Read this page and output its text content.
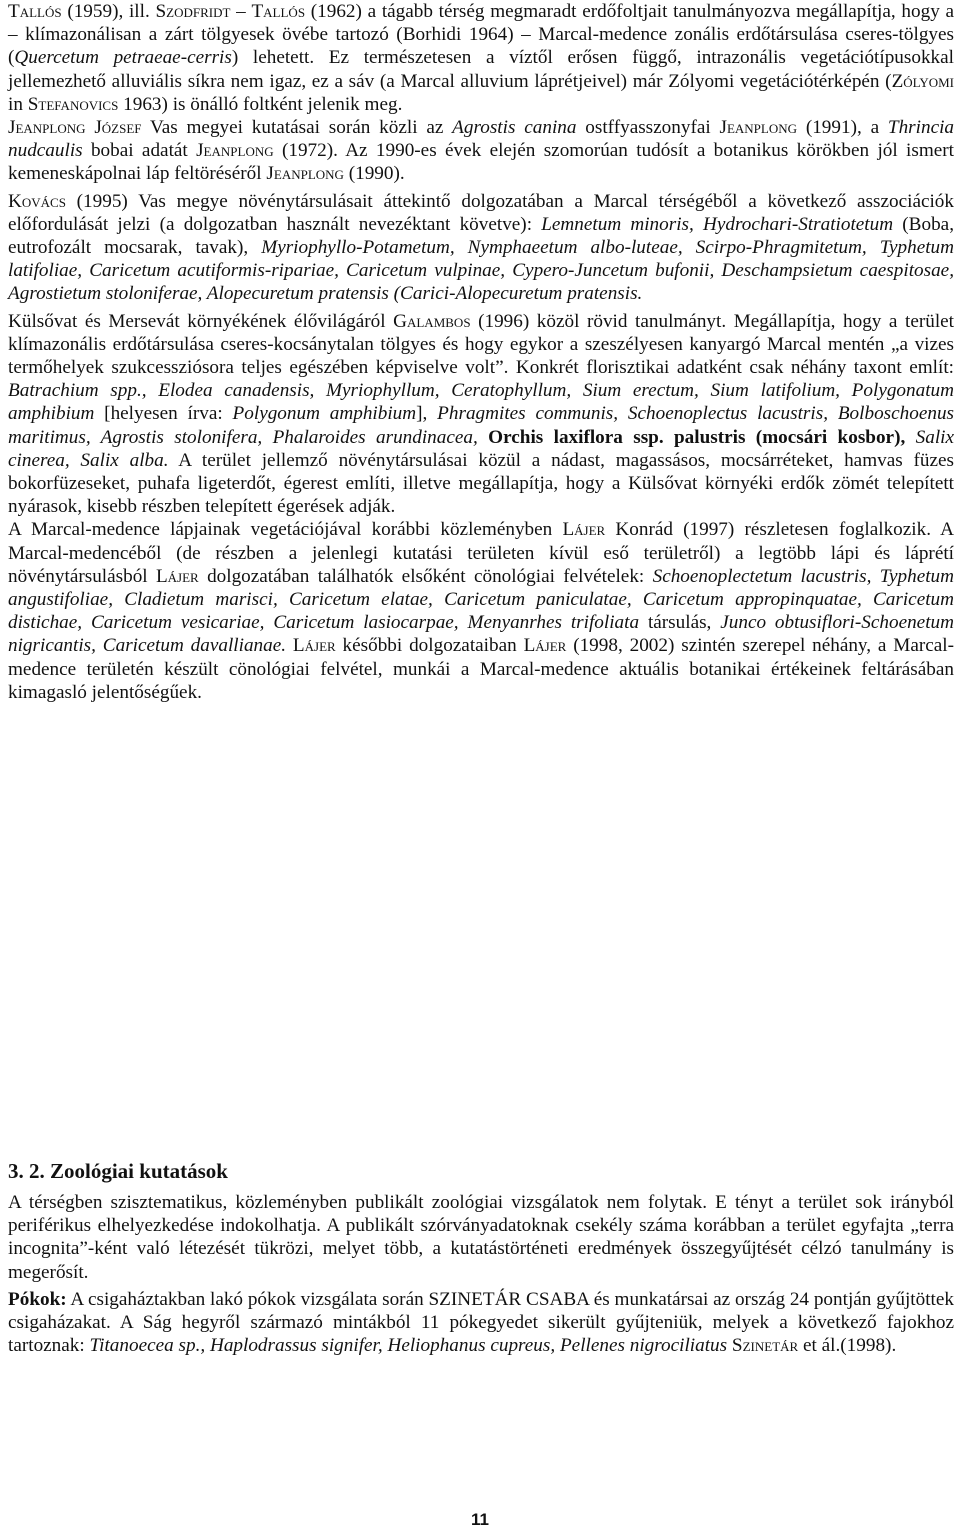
Tallós (1959), ill. Szodfridt – Tallós (1962) a tágabb térség megmaradt erdőfoltjait tanulmányozva megállapítja, hogy a – klímazonálisan a zárt tölgyesek övébe tartozó (Borhidi 1964) – Marcal-medence zonális erdőtársulása cseres-tölgyes (Quercetum petraeae-cerris) lehetett. Ez természetesen a víztől erősen függő, intrazonális vegetációtípusokkal jellemezhető alluviális síkra nem igaz, ez a sáv (a Marcal alluvium láprétjeivel) már Zólyomi vegetációtérképén (Zólyomi in Stefanovics 1963) is önálló foltként jelenik meg.

Jeanplong József Vas megyei kutatásai során közli az Agrostis canina ostffyasszonyfai Jeanplong (1991), a Thrincia nudcaulis bobai adatát Jeanplong (1972). Az 1990-es évek elején szomorúan tudósít a botanikus körökben jól ismert kemeneskápolnai láp feltöréséről Jeanplong (1990).

Kovács (1995) Vas megye növénytársulásait áttekintő dolgozatában a Marcal térségéből a következő asszociációk előfordulását jelzi (a dolgozatban használt nevezéktant követve): Lemnetum minoris, Hydrochari-Stratiotetum (Boba, eutrofozált mocsarak, tavak), Myriophyllo-Potametum, Nymphaeetum albo-luteae, Scirpo-Phragmitetum, Typhetum latifoliae, Caricetum acutiformis-ripariae, Caricetum vulpinae, Cypero-Juncetum bufonii, Deschampsietum caespitosae, Agrostietum stoloniferae, Alopecuretum pratensis (Carici-Alopecuretum pratensis.

Külsővat és Mersevát környékének élővilágáról Galambos (1996) közöl rövid tanulmányt. Megállapítja, hogy a terület klímazonális erdőtársulása cseres-kocsánytalan tölgyes és hogy egykor a szeszélyesen kanyargó Marcal mentén „a vizes termőhelyek szukcessziósora teljes egészében képviselve volt”. Konkrét florisztikai adatként csak néhány taxont említ: Batrachium spp., Elodea canadensis, Myriophyllum, Ceratophyllum, Sium erectum, Sium latifolium, Polygonatum amphibium [helyesen írva: Polygonum amphibium], Phragmites communis, Schoenoplectus lacustris, Bolboschoenus maritimus, Agrostis stolonifera, Phalaroides arundinacea, Orchis laxiflora ssp. palustris (mocsári kosbor), Salix cinerea, Salix alba. A terület jellemző növénytársulásai közül a nádast, magassásos, mocsárréteket, hamvas füzes bokorfüzeseket, puhafa ligeterdőt, égerest említi, illetve megállapítja, hogy a Külsővat környéki erdők zömét telepített nyárasok, kisebb részben telepített égerések adják.

A Marcal-medence lápjainak vegetációjával korábbi közleményben Lájer Konrád (1997) részletesen foglalkozik. A Marcal-medencéből (de részben a jelenlegi kutatási területen kívül eső területről) a legtöbb lápi és láprétí növénytársulásból Lájer dolgozatában találhatók elsőként cönológiai felvételek: Schoenoplectetum lacustris, Typhetum angustifoliae, Cladietum marisci, Caricetum elatae, Caricetum paniculatae, Caricetum appropinquatae, Caricetum distichae, Caricetum vesicariae, Caricetum lasiocarpae, Menyanrhes trifoliata társulás, Junco obtusiflori-Schoenetum nigricantis, Caricetum davallianae. Lájer későbbi dolgozataiban Lájer (1998, 2002) szintén szerepel néhány, a Marcal-medence területén készült cönológiai felvétel, munkái a Marcal-medence aktuális botanikai értékeinek feltárásában kimagasló jelentőségűek.

3. 2. Zoológiai kutatások

A térségben szisztematikus, közleményben publikált zoológiai vizsgálatok nem folytak. E tényt a terület sok irányból periférikus elhelyezkedése indokolhatja. A publikált szórványadatoknak csekély száma korábban a terület egyfajta „terra incognita”-ként való létezését tükrözi, melyet több, a kutatástörténeti eredmények összegyűjtését célzó tanulmány is megerősít.

Pókok: A csigaháztakban lakó pókok vizsgálata során SZINETÁR CSABA és munkatársai az ország 24 pontján gyűjtöttek csigaházakat. A Ság hegyről származó mintákból 11 pókegyedet sikerült gyűjteniük, melyek a következő fajokhoz tartoznak: Titanoecea sp., Haplodrassus signifer, Heliophanus cupreus, Pellenes nigrociliatus Szinetár et ál.(1998).

11
